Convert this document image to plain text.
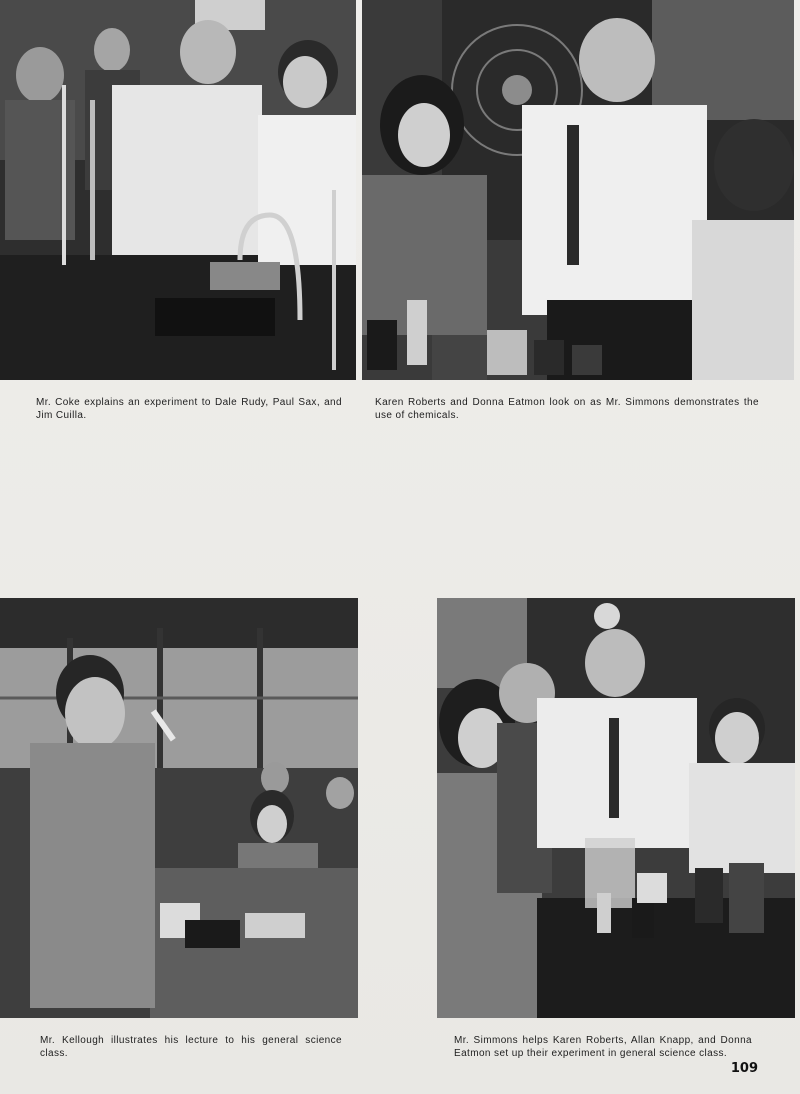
Mr. Coke explains an experiment to Dale Rudy, Paul Sax, and Jim Cuilla.
Karen Roberts and Donna Eatmon look on as Mr. Simmons demonstrates the use of chemicals.
Mr. Kellough illustrates his lecture to his general science class.
Mr. Simmons helps Karen Roberts, Allan Knapp, and Donna Eatmon set up their experiment in general science class.
109
